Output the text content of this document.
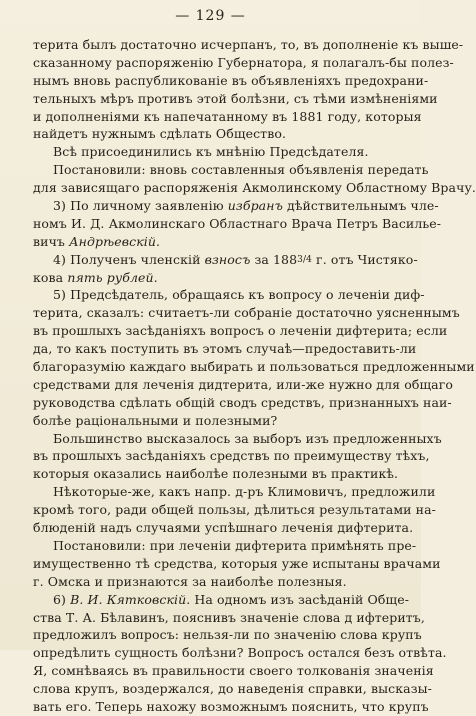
— 129 —
терита былъ достаточно исчерпанъ, то, въ дополненіе къ выше-
сказанному распоряженію Губернатора, я полагалъ-бы полез-
нымъ вновь распубликованіе въ объявленіяхъ предохрани-
тельныхъ мѣръ противъ этой болѣзни, съ тѣми измѣненіями
и дополненіями къ напечатанному въ 1881 году, которыя
найдетъ нужнымъ сдѣлать Общество.
Всѣ присоединились къ мнѣнію Предсѣдателя.
Постановили: вновь составленныя объявленія передать
для зависящаго распоряженія Акмолинскому Областному Врачу.
3) По личному заявленію избранъ дѣйствительнымъ чле-
номъ И. Д. Акмолинскаго Областнаго Врача Петръ Василье-
вичъ Андрѣевскій.
4) Полученъ членскій взносъ за 1883/4 г. отъ Чистяко-
кова пять рублей.
5) Предсѣдатель, обращаясь къ вопросу о леченіи диф-
терита, сказалъ: считаетъ-ли собраніе достаточно уясненнымъ
въ прошлыхъ засѣданіяхъ вопросъ о леченіи дифтерита; если
да, то какъ поступить въ этомъ случаѣ—предоставить-ли
благоразумію каждаго выбирать и пользоваться предложенными
средствами для леченія дидтерита, или-же нужно для общаго
руководства сдѣлать общій сводъ средствъ, признанныхъ наи-
болѣе раціональными и полезными?
Большинство высказалось за выборъ изъ предложенныхъ
въ прошлыхъ засѣданіяхъ средствъ по преимуществу тѣхъ,
которыя оказались наиболѣе полезными въ практикѣ.
Нѣкоторые-же, какъ напр. д-ръ Климовичъ, предложили
кромѣ того, ради общей пользы, дѣлиться результатами на-
блюденій надъ случаями успѣшнаго леченія дифтерита.
Постановили: при леченіи дифтерита примѣнять пре-
имущественно тѣ средства, которыя уже испытаны врачами
г. Омска и признаются за наиболѣе полезныя.
6) В. И. Кятковскій. На одномъ изъ засѣданій Обще-
ства Т. А. Бѣлавинъ, пояснивъ значеніе слова д ифтеритъ,
предложилъ вопросъ: нельзя-ли по значенію слова крупъ
опредѣлить сущность болѣзни? Вопросъ остался безъ отвѣта.
Я, сомнѣваясь въ правильности своего толкованія значенія
слова крупъ, воздержался, до наведенія справки, высказы-
вать его. Теперь нахожу возможнымъ пояснить, что крупъ
